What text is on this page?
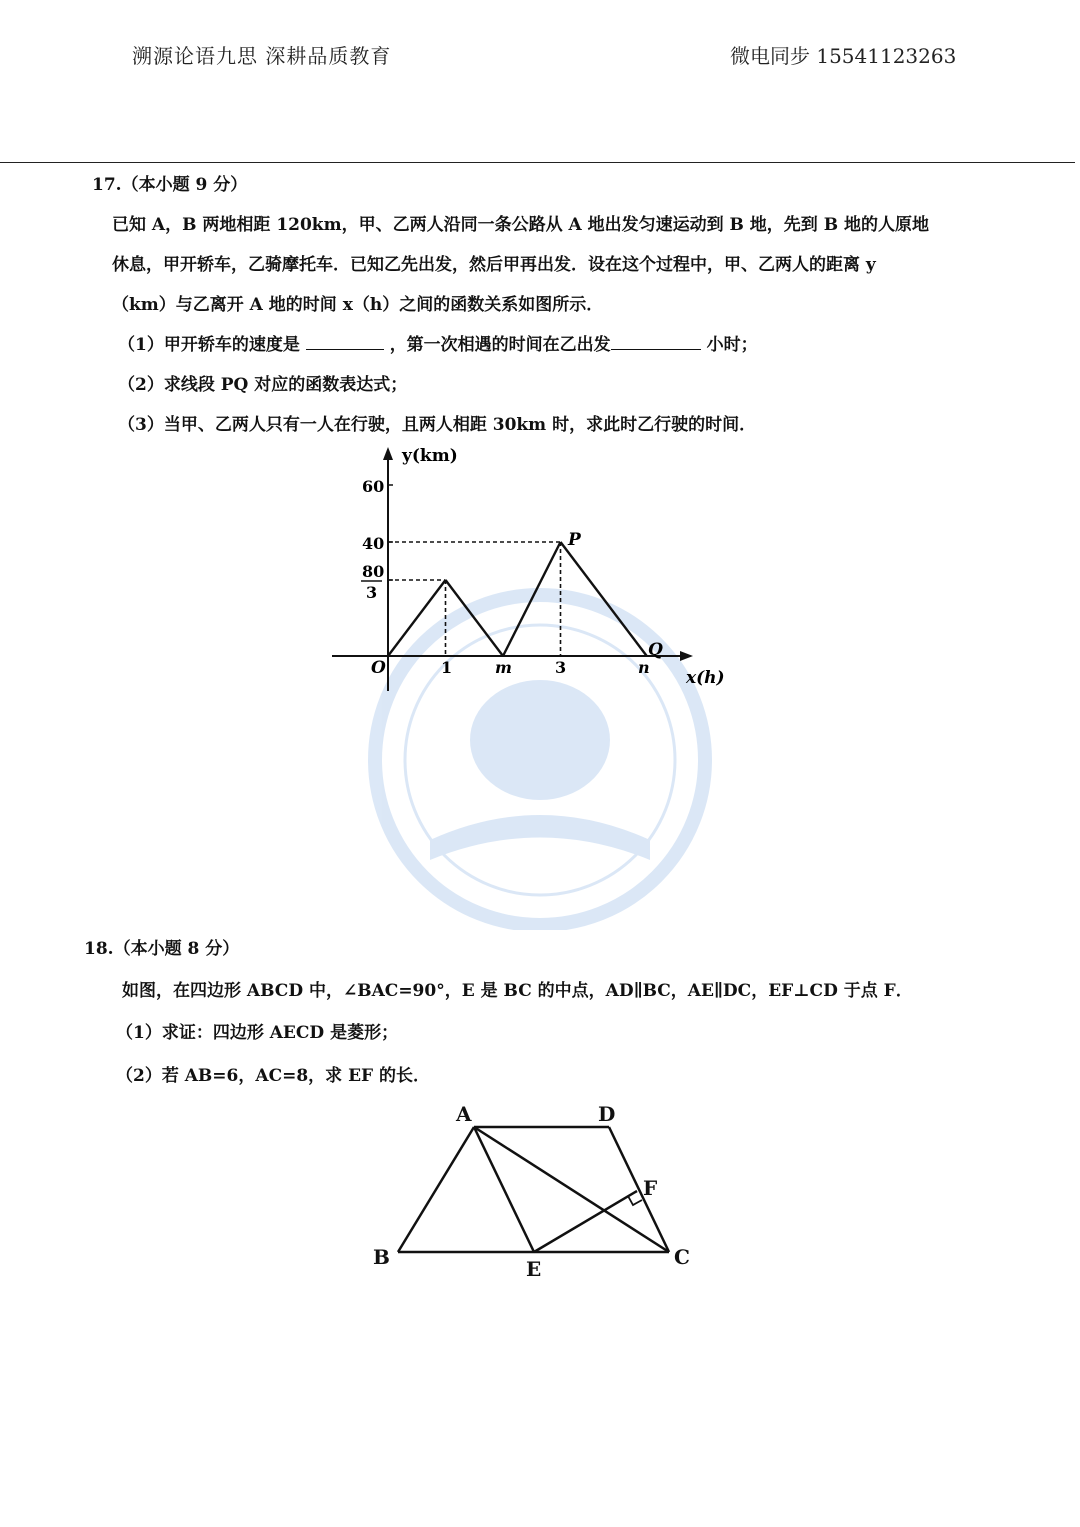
溯源论语九思 深耕品质教育	微电同步 15541123263
17.（本小题 9 分）
已知 A，B 两地相距 120km，甲、乙两人沿同一条公路从 A 地出发匀速运动到 B 地，先到 B 地的人原地
休息，甲开轿车，乙骑摩托车．已知乙先出发，然后甲再出发．设在这个过程中，甲、乙两人的距离 y
（km）与乙离开 A 地的时间 x（h）之间的函数关系如图所示．
（1）甲开轿车的速度是	，第一次相遇的时间在乙出发	小时；
（2）求线段 PQ 对应的函数表达式；
（3）当甲、乙两人只有一人在行驶，且两人相距 30km 时，求此时乙行驶的时间．
y(km)
x(h)
O
60
40
80
3
1	m	3	n
P
Q
18.（本小题 8 分）
如图，在四边形 ABCD 中，∠BAC=90°，E 是 BC 的中点，AD∥BC，AE∥DC，EF⊥CD 于点 F．
（1）求证：四边形 AECD 是菱形；
（2）若 AB=6，AC=8，求 EF 的长．
A	D
B	C
E
F
